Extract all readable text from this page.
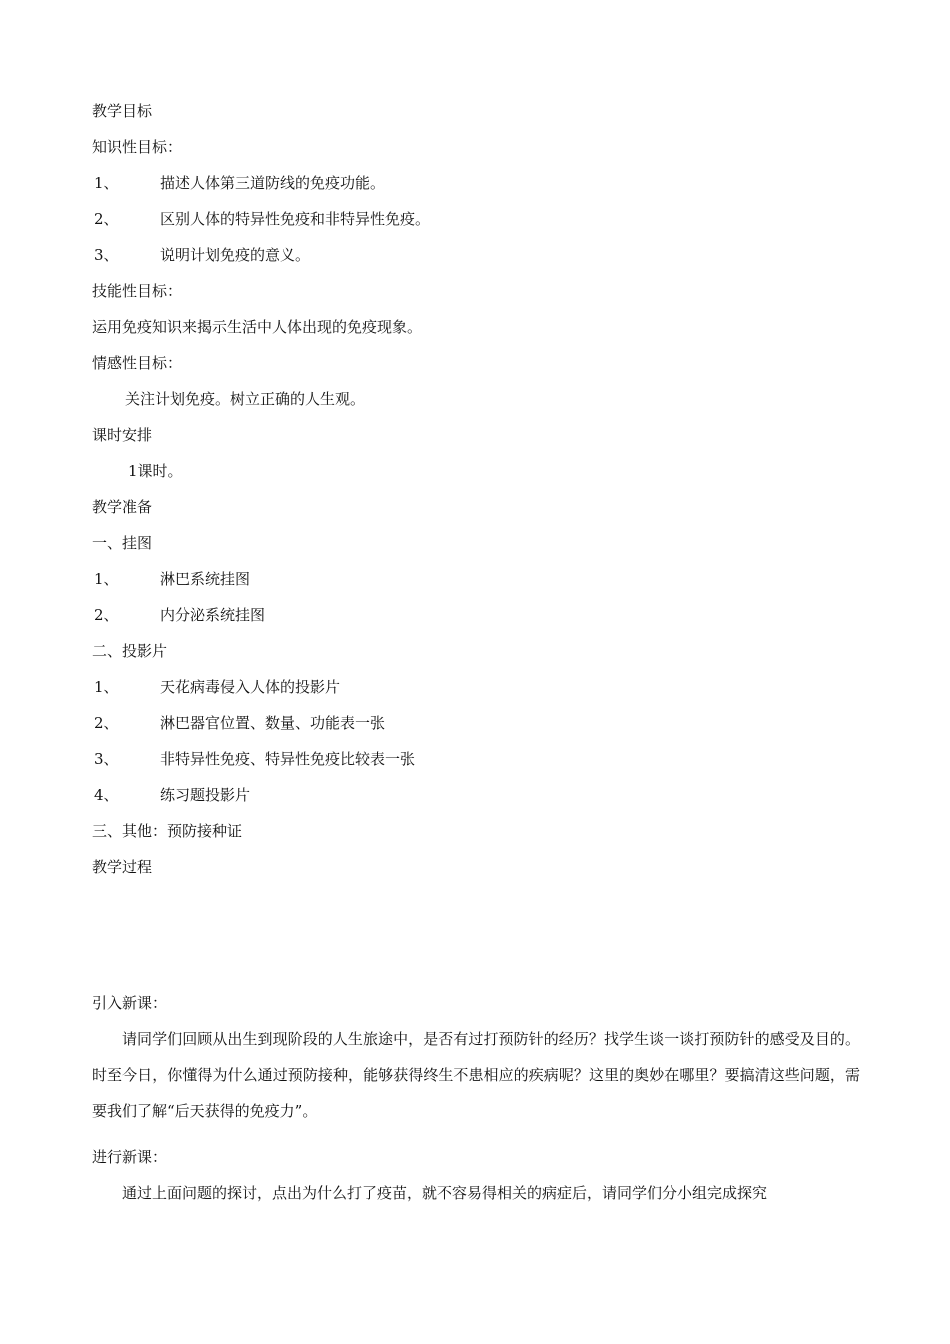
教学目标
知识性目标：
1、	描述人体第三道防线的免疫功能。
2、	区别人体的特异性免疫和非特异性免疫。
3、	说明计划免疫的意义。
技能性目标：
运用免疫知识来揭示生活中人体出现的免疫现象。
情感性目标：
关注计划免疫。树立正确的人生观。
课时安排
1课时。
教学准备
一、挂图
1、	淋巴系统挂图
2、	内分泌系统挂图
二、投影片
1、	天花病毒侵入人体的投影片
2、	淋巴器官位置、数量、功能表一张
3、	非特异性免疫、特异性免疫比较表一张
4、	练习题投影片
三、其他：预防接种证
教学过程
引入新课：
请同学们回顾从出生到现阶段的人生旅途中，是否有过打预防针的经历？找学生谈一谈打预防针的感受及目的。时至今日，你懂得为什么通过预防接种，能够获得终生不患相应的疾病呢？这里的奥妙在哪里？要搞清这些问题，需要我们了解“后天获得的免疫力”。
进行新课：
通过上面问题的探讨，点出为什么打了疫苗，就不容易得相关的病症后，请同学们分小组完成探究
